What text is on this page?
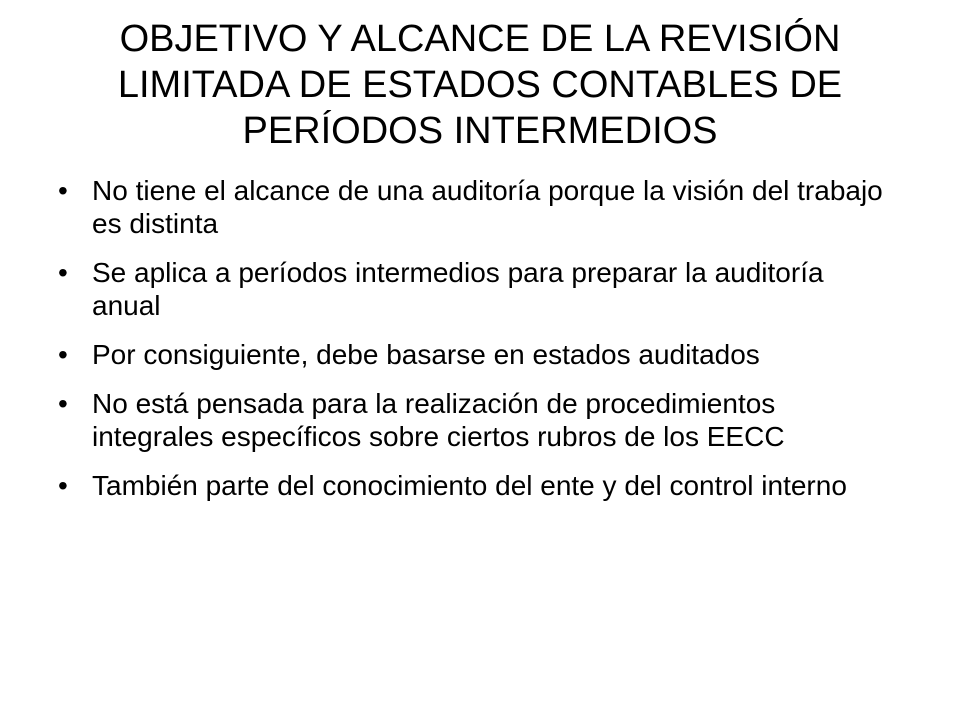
OBJETIVO Y ALCANCE DE LA REVISIÓN
LIMITADA DE ESTADOS CONTABLES DE
PERÍODOS INTERMEDIOS
• No tiene el alcance de una auditoría porque la visión del trabajo es distinta
• Se aplica a períodos intermedios para preparar la auditoría anual
• Por consiguiente, debe basarse en estados auditados
• No está pensada para la realización de procedimientos integrales específicos sobre ciertos rubros de los EECC
• También parte del conocimiento del ente y del control interno
